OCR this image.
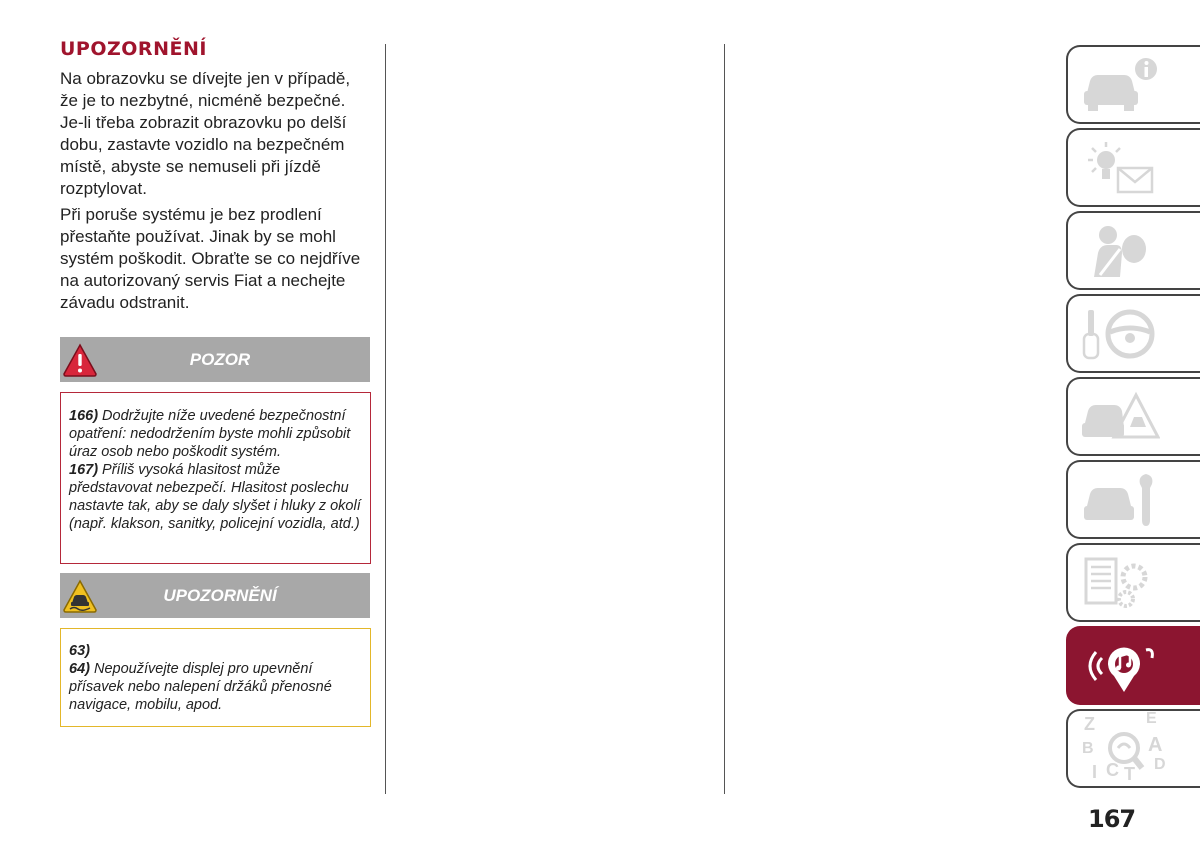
UPOZORNĚNÍ

Na obrazovku se dívejte jen v případě, že je to nezbytné, nicméně bezpečné. Je-li třeba zobrazit obrazovku po delší dobu, zastavte vozidlo na bezpečném místě, abyste se nemuseli při jízdě rozptylovat.

Při poruše systému je bez prodlení přestaňte používat. Jinak by se mohl systém poškodit. Obraťte se co nejdříve na autorizovaný servis Fiat a nechejte závadu odstranit.

POZOR
166) Dodržujte níže uvedené bezpečnostní opatření: nedodržením byste mohli způsobit úraz osob nebo poškodit systém.
167) Příliš vysoká hlasitost může představovat nebezpečí. Hlasitost poslechu nastavte tak, aby se daly slyšet i hluky z okolí (např. klakson, sanitky, policejní vozidla, atd.)
UPOZORNĚNÍ
63)
64) Nepoužívejte displej pro upevnění přísavek nebo nalepení držáků přenosné navigace, mobilu, apod.
Z	E
B	A
I C T D
167
